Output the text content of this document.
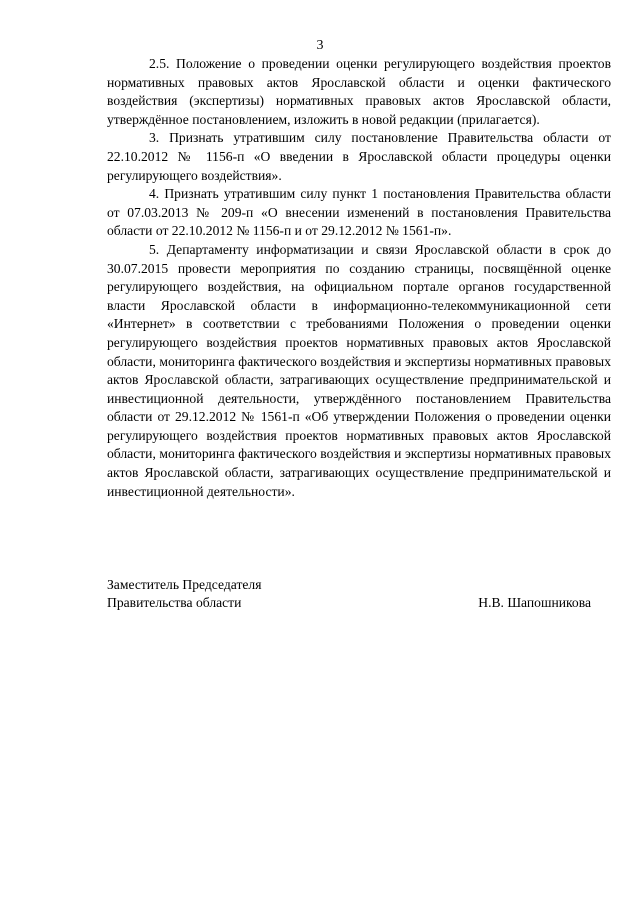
3

2.5. Положение о проведении оценки регулирующего воздействия проектов нормативных правовых актов Ярославской области и оценки фактического воздействия (экспертизы) нормативных правовых актов Ярославской области, утверждённое постановлением, изложить в новой редакции (прилагается).

3. Признать утратившим силу постановление Правительства области от 22.10.2012 № 1156-п «О введении в Ярославской области процедуры оценки регулирующего воздействия».

4. Признать утратившим силу пункт 1 постановления Правительства области от 07.03.2013 № 209-п «О внесении изменений в постановления Правительства области от 22.10.2012 № 1156-п и от 29.12.2012 № 1561-п».

5. Департаменту информатизации и связи Ярославской области в срок до 30.07.2015 провести мероприятия по созданию страницы, посвящённой оценке регулирующего воздействия, на официальном портале органов государственной власти Ярославской области в информационно-телекоммуникационной сети «Интернет» в соответствии с требованиями Положения о проведении оценки регулирующего воздействия проектов нормативных правовых актов Ярославской области, мониторинга фактического воздействия и экспертизы нормативных правовых актов Ярославской области, затрагивающих осуществление предпринимательской и инвестиционной деятельности, утверждённого постановлением Правительства области от 29.12.2012 № 1561-п «Об утверждении Положения о проведении оценки регулирующего воздействия проектов нормативных правовых актов Ярославской области, мониторинга фактического воздействия и экспертизы нормативных правовых актов Ярославской области, затрагивающих осуществление предпринимательской и инвестиционной деятельности».

Заместитель Председателя
Правительства области	Н.В. Шапошникова
